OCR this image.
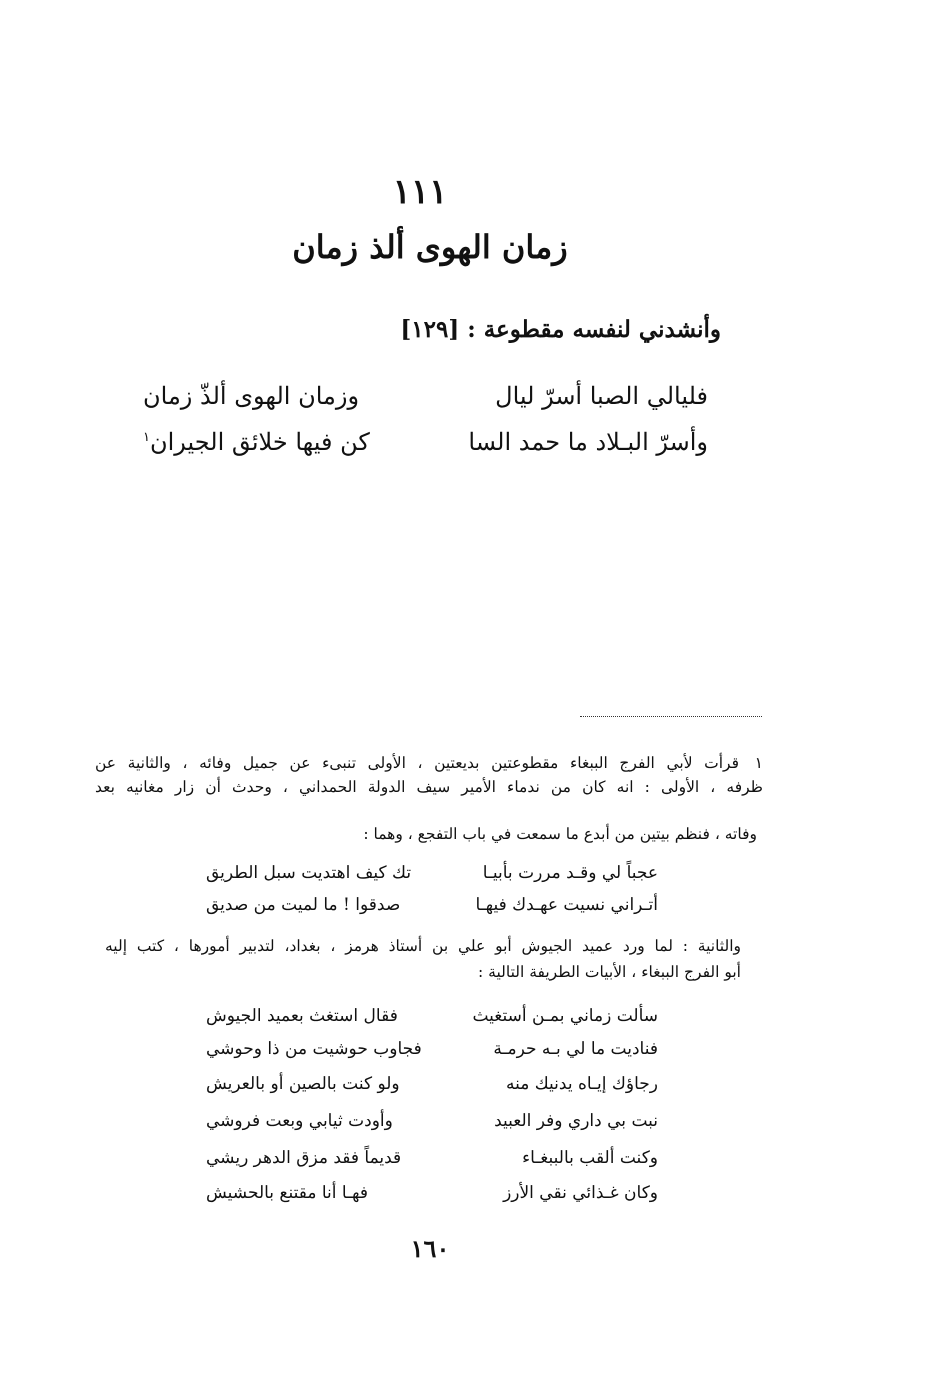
١١١
زمان الهوى ألذ زمان
وأنشدني لنفسه مقطوعة : [١٢٩]
فليالي الصبا أسرّ ليال
وزمان الهوى ألذّ زمان
وأسرّ البـلاد ما حمد السا
كن فيها خلائق الجيران$^١$
١قرأت لأبي الفرج الببغاء مقطوعتين بديعتين ، الأولى تنبىء عن جميل وفائه ، والثانية عن
ظرفه ، الأولى : انه كان من ندماء الأمير سيف الدولة الحمداني ، وحدث أن زار مغانيه بعد
وفاته ، فنظم بيتين من أبدع ما سمعت في باب التفجع ، وهما :
عجباً لي وقـد مررت بأبيـا
تك كيف اهتديت سبل الطريق
أتـراني نسيت عهـدك فيهـا
صدقوا ! ما لميت من صديق
والثانية : لما ورد عميد الجيوش أبو علي بن أستاذ هرمز ، بغداد، لتدبير أمورها ، كتب إليه
أبو الفرج الببغاء ، الأبيات الطريفة التالية :
سألت زماني بمـن أستغيث
فقال استغث بعميد الجيوش
فناديت ما لي بـه حرمـة
فجاوب حوشيت من ذا وحوشي
رجاؤك إيـاه يدنيك منه
ولو كنت بالصين أو بالعريش
نبت بي داري وفر العبيد
وأودت ثيابي وبعت فروشي
وكنت ألقب بالببغـاء
قديماً فقد مزق الدهر ريشي
وكان غـذائي نقي الأرز
فهـا أنا مقتنع بالحشيش
١٦٠
